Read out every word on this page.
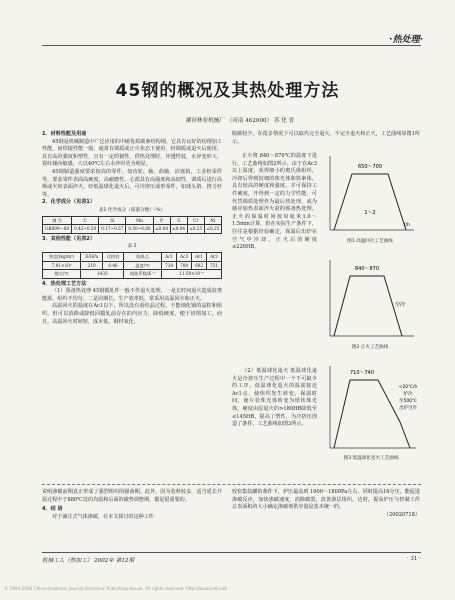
·热处理·
45钢的概况及其热处理方法
漯河林业机械厂 （河南 462000） 苏 化 普

1．材料性能及用途

45钢是机械制造中广泛应用的中碳优质碳素结构钢。它具有良好的切削加工性能，而焊接性能一般，通常有调质或正火状态下使用，经调质或退火后使用。具有高的强度和塑性，且有一定的韧性。供热处理时，淬透性低，水淬变形大、裂纹倾向敏感，大以40℃左右水淬时更为明显。

45钢制造强度要求较高的零件，如齿轮、轴、曲轴、活塞销，工业机零件等，要求零件表面高硬度、高耐磨性，心部具有高强度和高韧性，调质后进行高频或火焰表面淬火。经低温球化退火后，可冷挤压成形零件，如球头销、推力杆等。

2．化学成分（见表1）

表1 化学成分（质量分数）（%）
钢 号	C	Si	Mn	P	S	Cr	Ni
GB699—88	0.42~0.50	0.17~0.37	0.50~0.80	≤0.04	≤0.04	≤0.25	≤0.25

3．其他性能（见表2）

表 2
密度/(kg/m³)	E/GPa	比热容	临界点	Ac1	Ac3	Ar1	Ar3
7.81×10³	210	0.46	温度/℃	724	780	682	751
熔点/℃	1433		线胀系数/K⁻¹	11.59×10⁻⁶			

4．热处理工艺方法

（1）预备热处理 45钢锻轧件一般不作退火处理，一是长时间退火造成浪费能源，组织不均匀，二是周期长、生产效率低，常采用高温回火和正火。

高温回火的温度在Ac1以下，所以没有重结晶过程，不能细化钢的晶粒和组织，但可以消除或降低回锻轧前存在的内应力，降低硬度，便于切削加工。而且，高温回火时间短，成本低，钢材氧化，

脱碳较少，在很多情况下可以取代完全退火。不完全退火和正火，工艺曲线如图1所示。

正火将 840～870℃的温度下进行，工艺曲线如图2所示。由于在Ac3以上温度，获得细小的奥氏体组织，冷却后得到较细的珠光体和铁素体，具有较高的硬度和强度，并可保持工件硬度，开得到一定的力学性能，可代替调质处理作为最后热处理，或为感应加热表面淬火前的预备热处理。正火的保温时间按每毫米1.0～1.5min计算，但在实际生产条件下，往往是根据经验确定，保温后出炉在空气中冷却，正火后的硬度≤226HB。

（2）低温球化退火 低温球化退火是冷挤压生产过程中一个不可缺少的工序。低温球化退火的温度接近Ac1点，使组织发生转变，保温时间，使片状珠光体转变为球状珠光体，硬度由原退火的>180HB降低至≤145HB，提高了塑性，为冷挤压创造了条件，工艺曲线如图3所示。

650～700
1～2
t/h
图1 高温回火工艺曲线
840～870
空冷
图2 正火工艺曲线
710～740
<20℃/h
炉冷
至500℃
出炉空冷
图3 低温球化退火工艺曲线

说明渗碳前期真正形成了强烈组织的强渗期。此外，因为装料较多，适当延长升温过程中于880℃处的均温和后面的碳势调整期，都是很重要的。

4．结 语

对于滴注式气体渗碳，在本文探讨的这种工件

较密集装罐的条件下，炉压最高到 1600～1800Pa左右，同时提高16分压，能促进渗碳反应，加快渗碳速度，消除碳黑，改善渗层组织。达时，提高炉压与控制工件总表面积的大小确定渗碳剂供应量是基本统一的。

（20020718）

机械工人（热加工） 2002年 第12期	· 31 ·
© 1994-2006 China Academic Journal Electronic Publishing House. All rights reserved. http://www.cnki.net
